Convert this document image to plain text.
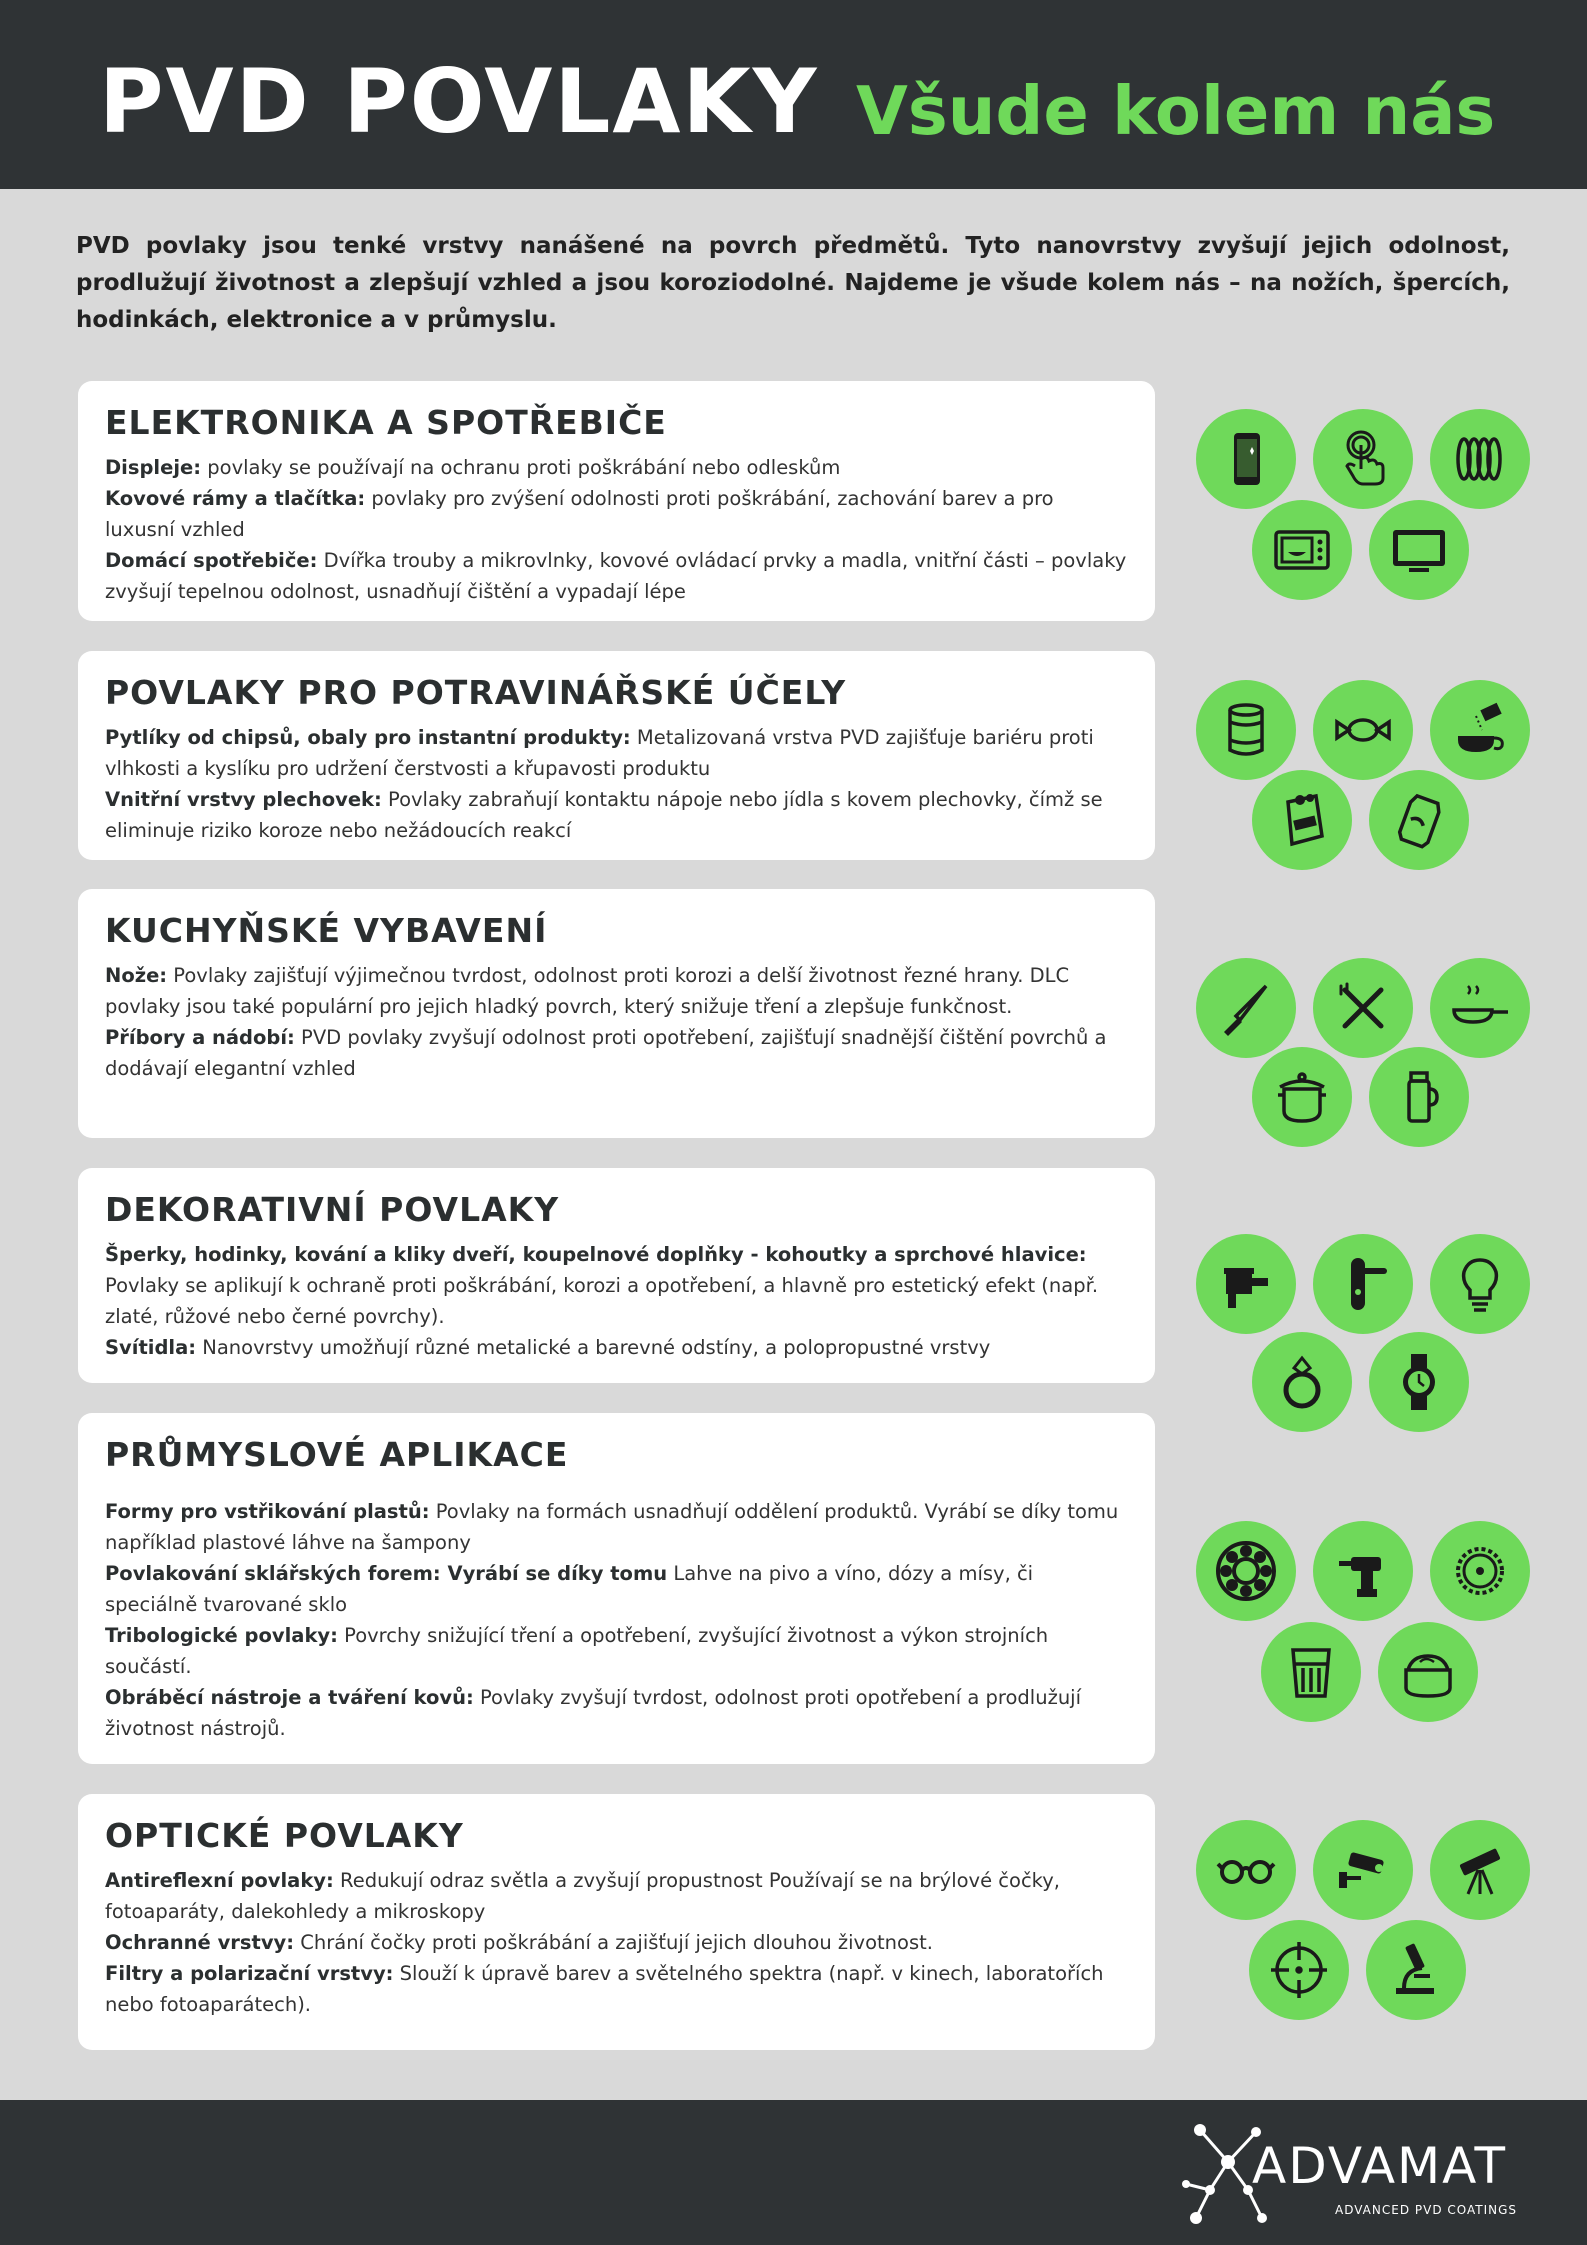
PVD POVLAKY Všude kolem nás
PVD povlaky jsou tenké vrstvy nanášené na povrch předmětů. Tyto nanovrstvy zvyšují jejich odolnost, prodlužují životnost a zlepšují vzhled a jsou koroziodolné. Najdeme je všude kolem nás – na nožích, špercích, hodinkách, elektronice a v průmyslu.
ELEKTRONIKA A SPOTŘEBIČE
Displeje: povlaky se používají na ochranu proti poškrábání nebo odleskům
Kovové rámy a tlačítka: povlaky pro zvýšení odolnosti proti poškrábání, zachování barev a pro luxusní vzhled
Domácí spotřebiče: Dvířka trouby a mikrovlnky, kovové ovládací prvky a madla, vnitřní části – povlaky zvyšují tepelnou odolnost, usnadňují čištění a vypadají lépe
POVLAKY PRO POTRAVINÁŘSKÉ ÚČELY
Pytlíky od chipsů, obaly pro instantní produkty: Metalizovaná vrstva PVD zajišťuje bariéru proti vlhkosti a kyslíku pro udržení čerstvosti a křupavosti produktu
Vnitřní vrstvy plechovek: Povlaky zabraňují kontaktu nápoje nebo jídla s kovem plechovky, čímž se eliminuje riziko koroze nebo nežádoucích reakcí
KUCHYŇSKÉ VYBAVENÍ
Nože: Povlaky zajišťují výjimečnou tvrdost, odolnost proti korozi a delší životnost řezné hrany. DLC povlaky jsou také populární pro jejich hladký povrch, který snižuje tření a zlepšuje funkčnost.
Příbory a nádobí: PVD povlaky zvyšují odolnost proti opotřebení, zajišťují snadnější čištění povrchů a dodávají elegantní vzhled
DEKORATIVNÍ POVLAKY
Šperky, hodinky, kování a kliky dveří, koupelnové doplňky - kohoutky a sprchové hlavice: Povlaky se aplikují k ochraně proti poškrábání, korozi a opotřebení, a hlavně pro estetický efekt (např. zlaté, růžové nebo černé povrchy).
Svítidla: Nanovrstvy umožňují různé metalické a barevné odstíny, a polopropustné vrstvy
PRŮMYSLOVÉ APLIKACE
Formy pro vstřikování plastů: Povlaky na formách usnadňují oddělení produktů. Vyrábí se díky tomu například plastové láhve na šampony
Povlakování sklářských forem: Vyrábí se díky tomu Lahve na pivo a víno, dózy a mísy, či speciálně tvarované sklo
Tribologické povlaky: Povrchy snižující tření a opotřebení, zvyšující životnost a výkon strojních součástí.
Obráběcí nástroje a tváření kovů: Povlaky zvyšují tvrdost, odolnost proti opotřebení a prodlužují životnost nástrojů.
OPTICKÉ POVLAKY
Antireflexní povlaky: Redukují odraz světla a zvyšují propustnost Používají se na brýlové čočky, fotoaparáty, dalekohledy a mikroskopy
Ochranné vrstvy: Chrání čočky proti poškrábání a zajišťují jejich dlouhou životnost.
Filtry a polarizační vrstvy: Slouží k úpravě barev a světelného spektra (např. v kinech, laboratořích nebo fotoaparátech).
ADVAMAT
ADVANCED PVD COATINGS
